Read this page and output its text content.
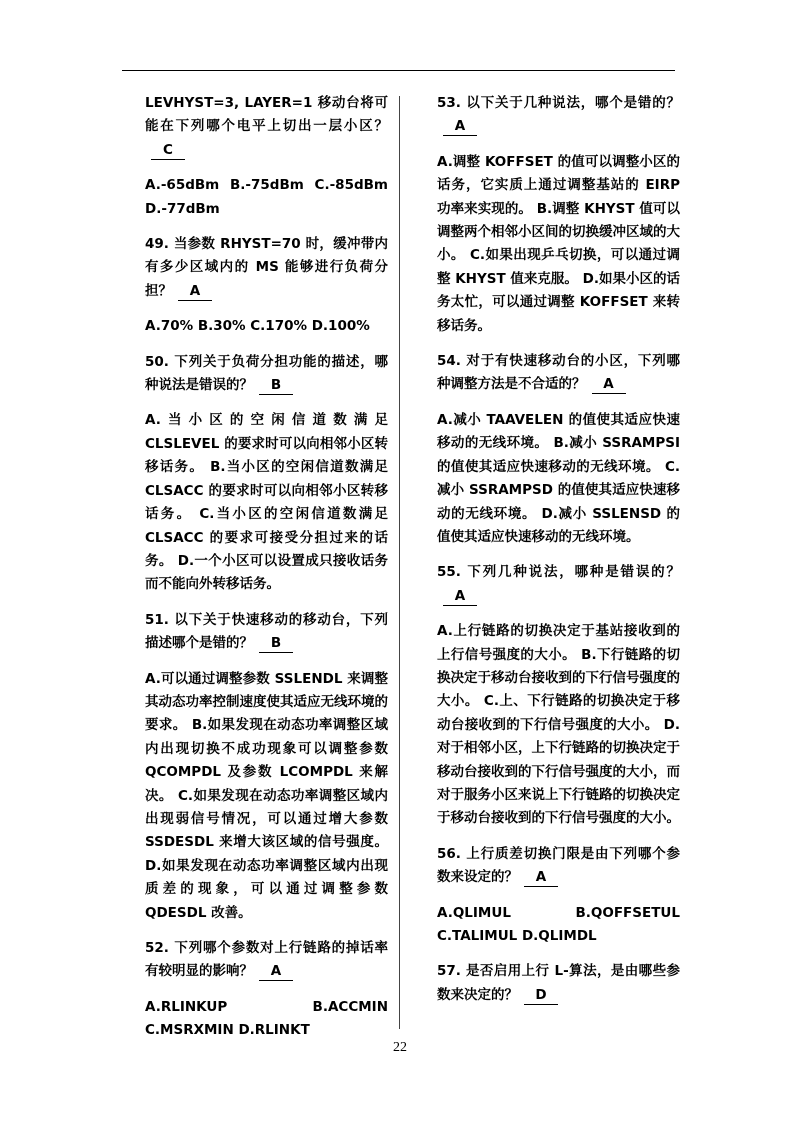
LEVHYST=3, LAYER=1 移动台将可能在下列哪个电平上切出一层小区？C

A.-65dBm B.-75dBm C.-85dBm D.-77dBm

49. 当参数 RHYST=70 时，缓冲带内有多少区域内的 MS 能够进行负荷分担？ A

A.70% B.30% C.170% D.100%

50. 下列关于负荷分担功能的描述，哪种说法是错误的？ B

A.当小区的空闲信道数满足 CLSLEVEL 的要求时可以向相邻小区转移话务。 B.当小区的空闲信道数满足 CLSACC 的要求时可以向相邻小区转移话务。 C.当小区的空闲信道数满足 CLSACC 的要求可接受分担过来的话务。 D.一个小区可以设置成只接收话务而不能向外转移话务。

51. 以下关于快速移动的移动台，下列描述哪个是错的？ B

A.可以通过调整参数 SSLENDL 来调整其动态功率控制速度使其适应无线环境的要求。 B.如果发现在动态功率调整区域内出现切换不成功现象可以调整参数 QCOMPDL 及参数 LCOMPDL 来解决。 C.如果发现在动态功率调整区域内出现弱信号情况，可以通过增大参数 SSDESDL 来增大该区域的信号强度。 D.如果发现在动态功率调整区域内出现质差的现象，可以通过调整参数 QDESDL 改善。

52. 下列哪个参数对上行链路的掉话率有较明显的影响？ A

A.RLINKUP B.ACCMIN C.MSRXMIN D.RLINKT

53. 以下关于几种说法，哪个是错的？A

A.调整 KOFFSET 的值可以调整小区的话务，它实质上通过调整基站的 EIRP 功率来实现的。 B.调整 KHYST 值可以调整两个相邻小区间的切换缓冲区域的大小。 C.如果出现乒乓切换，可以通过调整 KHYST 值来克服。 D.如果小区的话务太忙，可以通过调整 KOFFSET 来转移话务。

54. 对于有快速移动台的小区，下列哪种调整方法是不合适的？ A

A.减小 TAAVELEN 的值使其适应快速移动的无线环境。 B.减小 SSRAMPSI 的值使其适应快速移动的无线环境。 C.减小 SSRAMPSD 的值使其适应快速移动的无线环境。 D.减小 SSLENSD 的值使其适应快速移动的无线环境。

55. 下列几种说法，哪种是错误的？A

A.上行链路的切换决定于基站接收到的上行信号强度的大小。 B.下行链路的切换决定于移动台接收到的下行信号强度的大小。 C.上、下行链路的切换决定于移动台接收到的下行信号强度的大小。 D.对于相邻小区，上下行链路的切换决定于移动台接收到的下行信号强度的大小，而对于服务小区来说上下行链路的切换决定于移动台接收到的下行信号强度的大小。

56. 上行质差切换门限是由下列哪个参数来设定的？ A

A.QLIMUL B.QOFFSETUL C.TALIMUL D.QLIMDL

57. 是否启用上行 L-算法，是由哪些参数来决定的？ D

22
